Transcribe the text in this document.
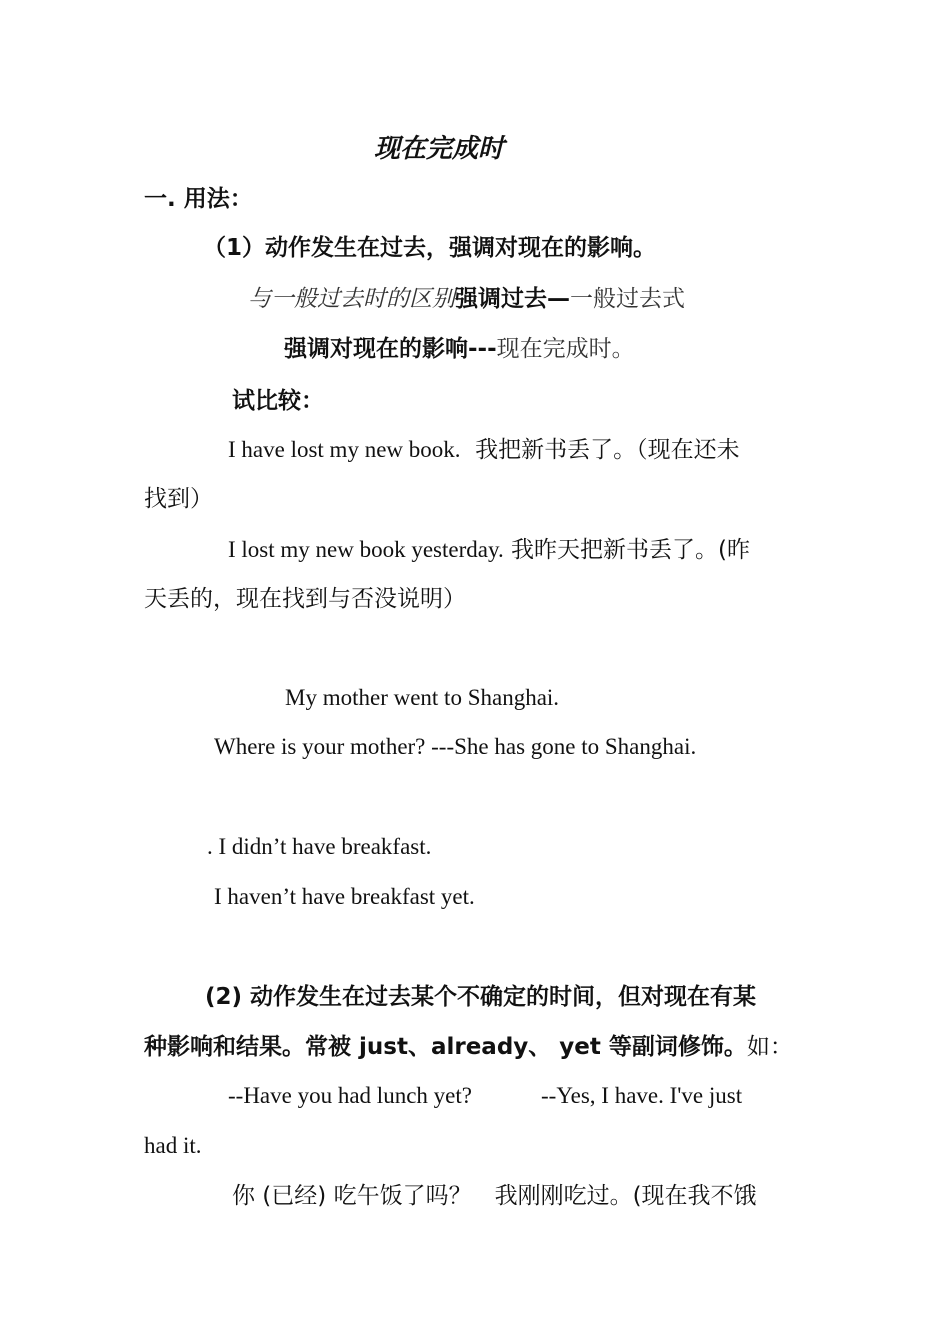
现在完成时
一. 用法：
（1）动作发生在过去，强调对现在的影响。
与一般过去时的区别强调过去—一般过去式
强调对现在的影响---现在完成时。
试比较：
I have lost my new book. 我把新书丢了。（现在还未
找到）
I lost my new book yesterday. 我昨天把新书丢了。(昨
天丢的，现在找到与否没说明）
My mother went to Shanghai.
Where is your mother? ---She has gone to Shanghai.
. I didn’t have breakfast.
I haven’t have breakfast yet.
(2) 动作发生在过去某个不确定的时间，但对现在有某
种影响和结果。常被 just、already、 yet 等副词修饰。如：
--Have you had lunch yet?	--Yes, I have. I've just
had it.
你 (已经) 吃午饭了吗？　我刚刚吃过。(现在我不饿
